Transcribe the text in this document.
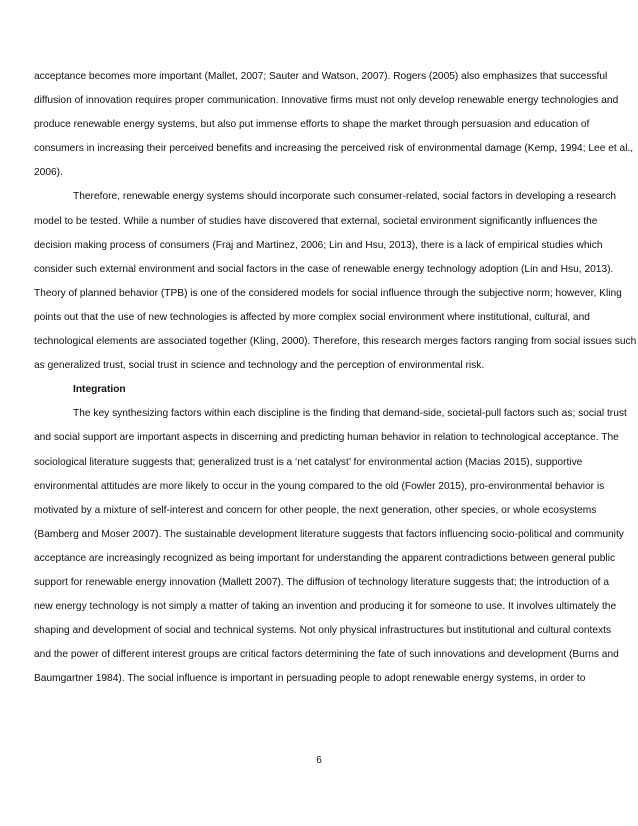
acceptance becomes more important (Mallet, 2007; Sauter and Watson, 2007). Rogers (2005) also emphasizes that successful
diffusion of innovation requires proper communication. Innovative firms must not only develop renewable energy technologies and
produce renewable energy systems, but also put immense efforts to shape the market through persuasion and education of
consumers in increasing their perceived benefits and increasing the perceived risk of environmental damage (Kemp, 1994; Lee et al.,
2006).
Therefore, renewable energy systems should incorporate such consumer-related, social factors in developing a research
model to be tested. While a number of studies have discovered that external, societal environment significantly influences the
decision making process of consumers (Fraj and Martinez, 2006; Lin and Hsu, 2013), there is a lack of empirical studies which
consider such external environment and social factors in the case of renewable energy technology adoption (Lin and Hsu, 2013).
Theory of planned behavior (TPB) is one of the considered models for social influence through the subjective norm; however, Kling
points out that the use of new technologies is affected by more complex social environment where institutional, cultural, and
technological elements are associated together (Kling, 2000). Therefore, this research merges factors ranging from social issues such
as generalized trust, social trust in science and technology and the perception of environmental risk.
Integration
The key synthesizing factors within each discipline is the finding that demand-side, societal-pull factors such as; social trust
and social support are important aspects in discerning and predicting human behavior in relation to technological acceptance. The
sociological literature suggests that; generalized trust is a ‘net catalyst’ for environmental action (Macias 2015), supportive
environmental attitudes are more likely to occur in the young compared to the old (Fowler 2015), pro-environmental behavior is
motivated by a mixture of self-interest and concern for other people, the next generation, other species, or whole ecosystems
(Bamberg and Moser 2007). The sustainable development literature suggests that factors influencing socio-political and community
acceptance are increasingly recognized as being important for understanding the apparent contradictions between general public
support for renewable energy innovation (Mallett 2007). The diffusion of technology literature suggests that; the introduction of a
new energy technology is not simply a matter of taking an invention and producing it for someone to use. It involves ultimately the
shaping and development of social and technical systems. Not only physical infrastructures but institutional and cultural contexts
and the power of different interest groups are critical factors determining the fate of such innovations and development (Burns and
Baumgartner 1984). The social influence is important in persuading people to adopt renewable energy systems, in order to
6
